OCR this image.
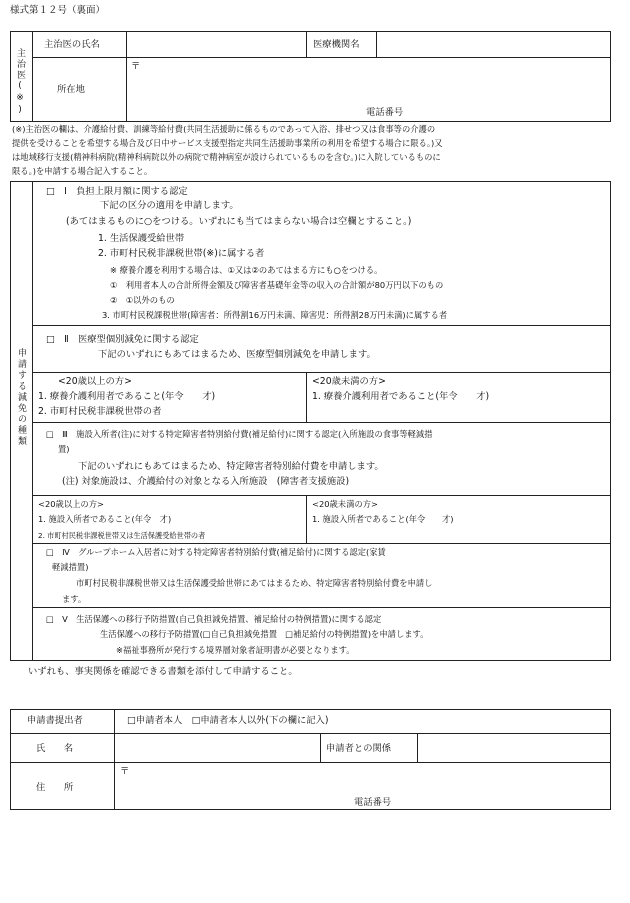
様式第１２号（裏面）
主治医(※)
主治医の氏名	医療機関名
〒
所在地
電話番号
(※)主治医の欄は、介護給付費、訓練等給付費(共同生活援助に係るものであって入浴、排せつ又は食事等の介護の
提供を受けることを希望する場合及び日中サービス支援型指定共同生活援助事業所の利用を希望する場合に限る。)又
は地域移行支援(精神科病院(精神科病院以外の病院で精神病室が設けられているものを含む。)に入院しているものに
限る。)を申請する場合記入すること。
申請する減免の種類
□　Ⅰ　負担上限月額に関する認定
下記の区分の適用を申請します。
(あてはまるものに○をつける。いずれにも当てはまらない場合は空欄とすること。)
1. 生活保護受給世帯
2. 市町村民税非課税世帯(※)に属する者
※ 療養介護を利用する場合は、①又は②のあてはまる方にも○をつける。
①　利用者本人の合計所得金額及び障害者基礎年金等の収入の合計額が80万円以下のもの
②　①以外のもの
3. 市町村民税課税世帯(障害者：所得割16万円未満、障害児：所得割28万円未満)に属する者
□　Ⅱ　医療型個別減免に関する認定
下記のいずれにもあてはまるため、医療型個別減免を申請します。
<20歳以上の方>
1. 療養介護利用者であること(年令　　才)
2. 市町村民税非課税世帯の者
<20歳未満の方>
1. 療養介護利用者であること(年令　　才)
□　Ⅲ　施設入所者(注)に対する特定障害者特別給付費(補足給付)に関する認定(入所施設の食事等軽減措
置)
下記のいずれにもあてはまるため、特定障害者特別給付費を申請します。
(注) 対象施設は、介護給付の対象となる入所施設　(障害者支援施設)
<20歳以上の方>
1. 施設入所者であること(年令　才)
2. 市町村民税非課税世帯又は生活保護受給世帯の者
<20歳未満の方>
1. 施設入所者であること(年令　　才)
□　Ⅳ　グループホーム入居者に対する特定障害者特別給付費(補足給付)に関する認定(家賃
軽減措置)
市町村民税非課税世帯又は生活保護受給世帯にあてはまるため、特定障害者特別給付費を申請し
ます。
□　Ⅴ　生活保護への移行予防措置(自己負担減免措置、補足給付の特例措置)に関する認定
生活保護への移行予防措置(□自己負担減免措置　□補足給付の特例措置)を申請します。
※福祉事務所が発行する境界層対象者証明書が必要となります。
いずれも、事実関係を確認できる書類を添付して申請すること。
申請書提出者	□申請者本人　□申請者本人以外(下の欄に記入)
氏　　名	申請者との関係
〒
住　　所
電話番号
